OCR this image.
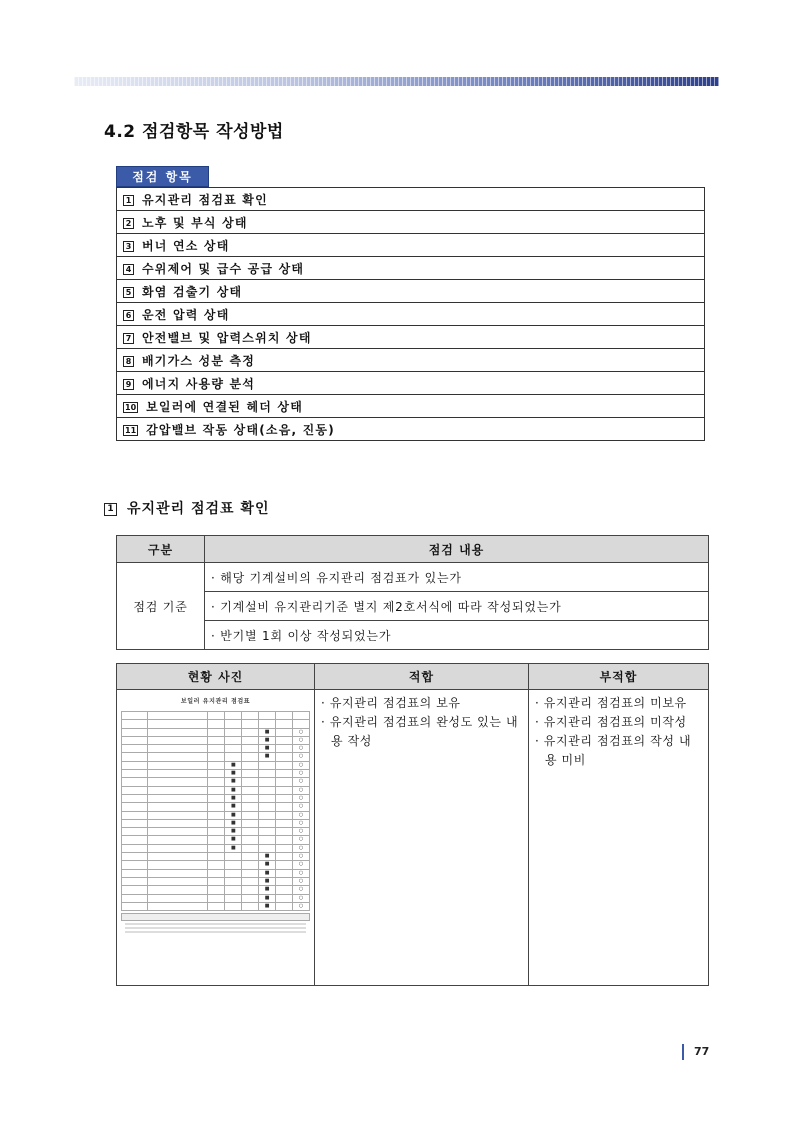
4.2 점검항목 작성방법
점검 항목
1 유지관리 점검표 확인
2 노후 및 부식 상태
3 버너 연소 상태
4 수위제어 및 급수 공급 상태
5 화염 검출기 상태
6 운전 압력 상태
7 안전밸브 및 압력스위치 상태
8 배기가스 성분 측정
9 에너지 사용량 분석
10 보일러에 연결된 헤더 상태
11 감압밸브 작동 상태(소음, 진동)
1 유지관리 점검표 확인
구분	점검 내용
점검 기준	· 해당 기계설비의 유지관리 점검표가 있는가
	· 기계설비 유지관리기준 별지 제2호서식에 따라 작성되었는가
	· 반기별 1회 이상 작성되었는가
현황 사진	적합	부적합

보일러 유지관리 점검표

					■		○
					■		○
					■		○
					■		○
			■				○
			■				○
			■				○
			■				○
			■				○
			■				○
			■				○
			■				○
			■				○
			■				○
			■				○
					■		○
					■		○
					■		○
					■		○
					■		○
					■		○
					■		○

· 유지관리 점검표의 보유
· 유지관리 점검표의 완성도 있는 내용 작성

· 유지관리 점검표의 미보유
· 유지관리 점검표의 미작성
· 유지관리 점검표의 작성 내용 미비
77
